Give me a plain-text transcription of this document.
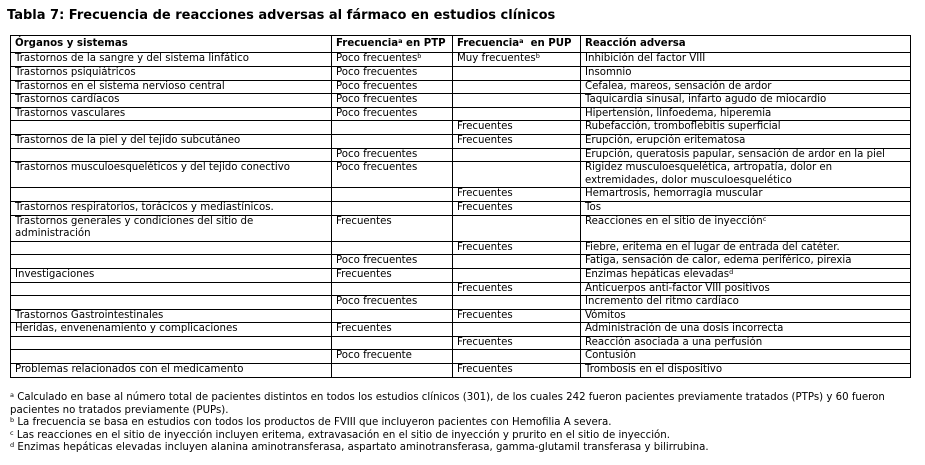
Tabla 7: Frecuencia de reacciones adversas al fármaco en estudios clínicos
Órganos y sistemas	Frecuencia$^a$ en PTP	Frecuencia$^a$  en PUP	Reacción adversa
Trastornos de la sangre y del sistema linfático	Poco frecuentes$^b$	Muy frecuentes$^b$	Inhibición del factor VIII
Trastornos psiquiátricos	Poco frecuentes		Insomnio
Trastornos en el sistema nervioso central	Poco frecuentes		Cefalea, mareos, sensación de ardor
Trastornos cardíacos	Poco frecuentes		Taquicardia sinusal, infarto agudo de miocardio
Trastornos vasculares	Poco frecuentes		Hipertensión, linfoedema, hiperemia
		Frecuentes	Rubefacción, tromboflebitis superficial
Trastornos de la piel y del tejido subcutáneo		Frecuentes	Erupción, erupción eritematosa
	Poco frecuentes		Erupción, queratosis papular, sensación de ardor en la piel
Trastornos musculoesqueléticos y del tejido conectivo	Poco frecuentes		Rigidez musculoesquelética, artropatía, dolor en extremidades, dolor musculoesquelético
		Frecuentes	Hemartrosis, hemorragia muscular
Trastornos respiratorios, torácicos y mediastínicos.		Frecuentes	Tos
Trastornos generales y condiciones del sitio de administración	Frecuentes		Reacciones en el sitio de inyección$^c$
		Frecuentes	Fiebre, eritema en el lugar de entrada del catéter.
	Poco frecuentes		Fatiga, sensación de calor, edema periférico, pirexia
Investigaciones	Frecuentes		Enzimas hepáticas elevadas$^d$
		Frecuentes	Anticuerpos anti-factor VIII positivos
	Poco frecuentes		Incremento del ritmo cardíaco
Trastornos Gastrointestinales		Frecuentes	Vómitos
Heridas, envenenamiento y complicaciones	Frecuentes		Administración de una dosis incorrecta
		Frecuentes	Reacción asociada a una perfusión
	Poco frecuente		Contusión
Problemas relacionados con el medicamento		Frecuentes	Trombosis en el dispositivo

$^a$ Calculado en base al número total de pacientes distintos en todos los estudios clínicos (301), de los cuales 242 fueron pacientes previamente tratados (PTPs) y 60 fueron pacientes no tratados previamente (PUPs).

$^b$ La frecuencia se basa en estudios con todos los productos de FVIII que incluyeron pacientes con Hemofilia A severa.

$^c$ Las reacciones en el sitio de inyección incluyen eritema, extravasación en el sitio de inyección y prurito en el sitio de inyección.

$^d$ Enzimas hepáticas elevadas incluyen alanina aminotransferasa, aspartato aminotransferasa, gamma-glutamil transferasa y bilirrubina.
